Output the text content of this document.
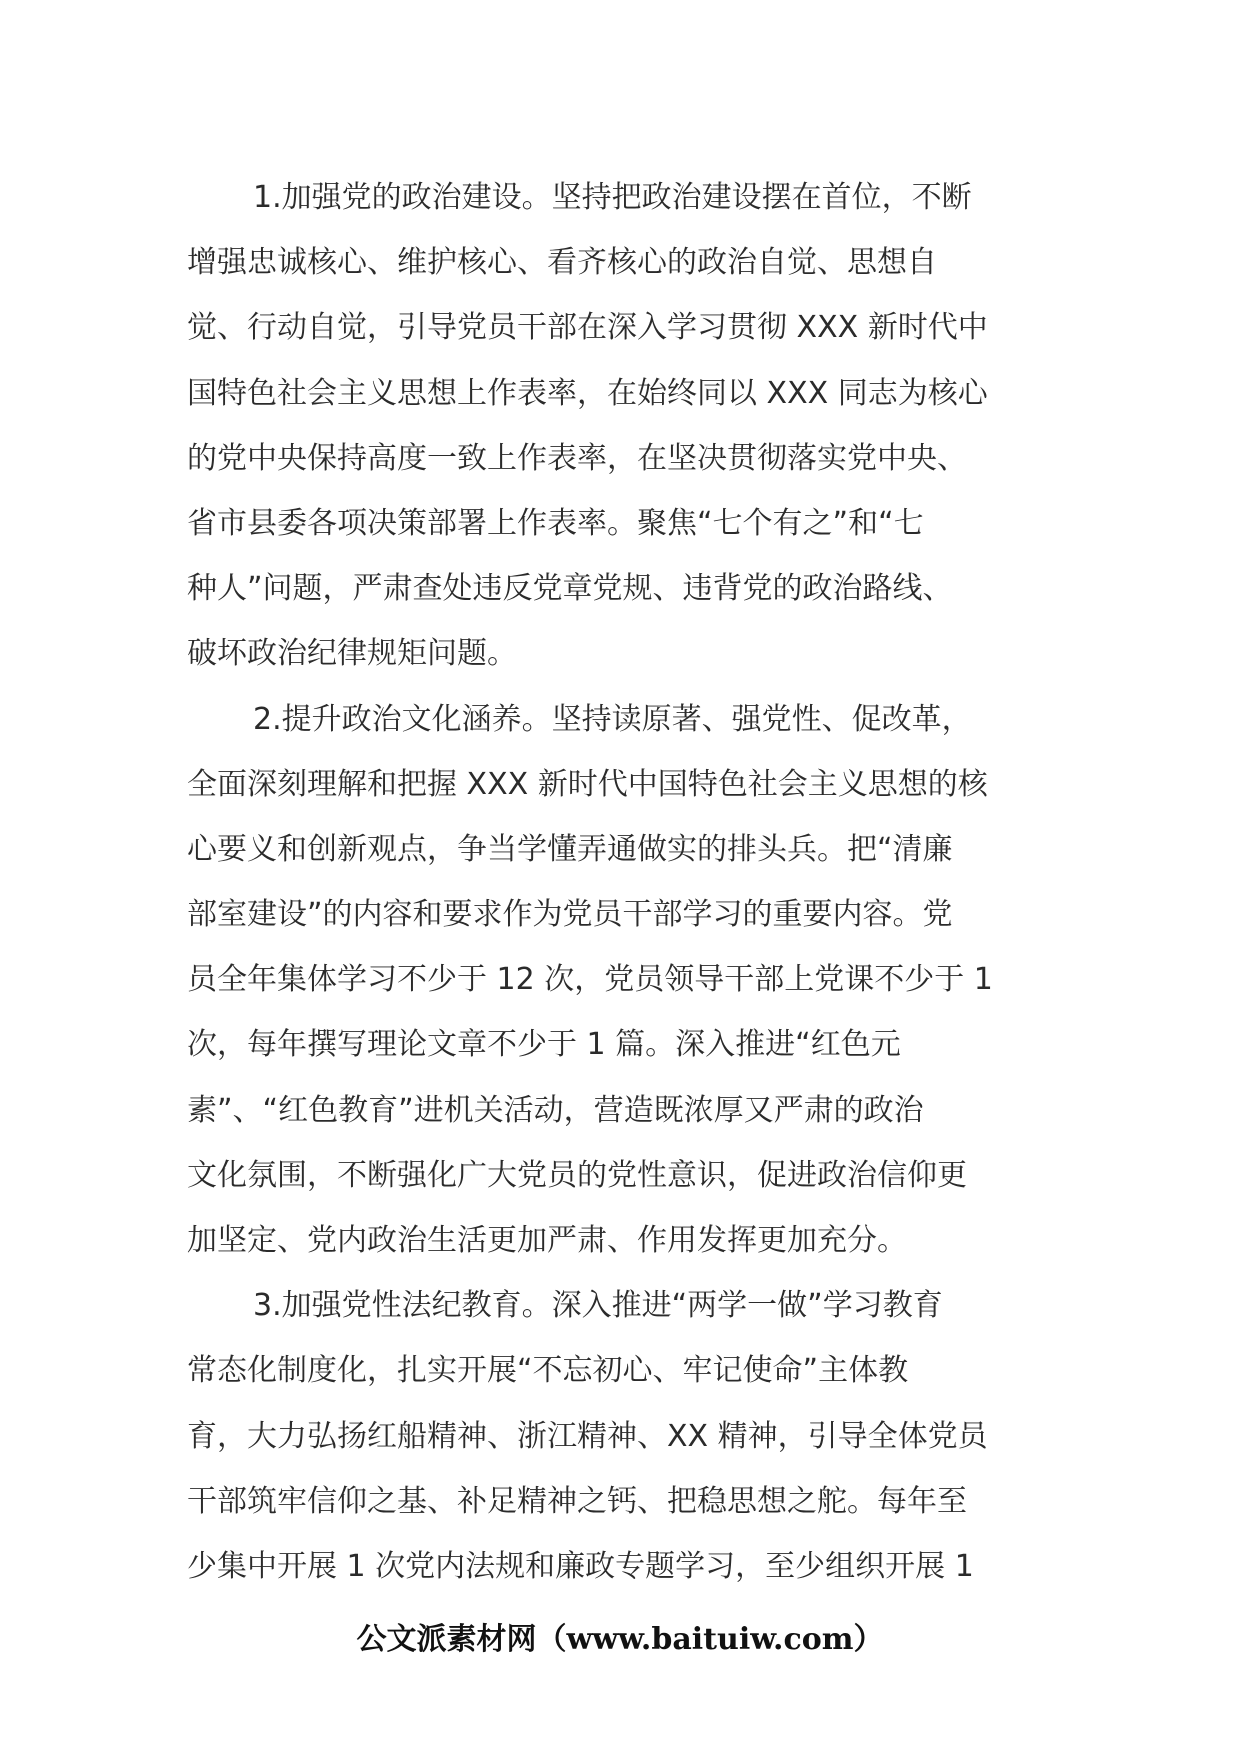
1.加强党的政治建设。坚持把政治建设摆在首位，不断
增强忠诚核心、维护核心、看齐核心的政治自觉、思想自
觉、行动自觉，引导党员干部在深入学习贯彻 XXX 新时代中
国特色社会主义思想上作表率，在始终同以 XXX 同志为核心
的党中央保持高度一致上作表率，在坚决贯彻落实党中央、
省市县委各项决策部署上作表率。聚焦“七个有之”和“七
种人”问题，严肃查处违反党章党规、违背党的政治路线、
破坏政治纪律规矩问题。
2.提升政治文化涵养。坚持读原著、强党性、促改革，
全面深刻理解和把握 XXX 新时代中国特色社会主义思想的核
心要义和创新观点，争当学懂弄通做实的排头兵。把“清廉
部室建设”的内容和要求作为党员干部学习的重要内容。党
员全年集体学习不少于 12 次，党员领导干部上党课不少于 1
次，每年撰写理论文章不少于 1 篇。深入推进“红色元
素”、“红色教育”进机关活动，营造既浓厚又严肃的政治
文化氛围，不断强化广大党员的党性意识，促进政治信仰更
加坚定、党内政治生活更加严肃、作用发挥更加充分。
3.加强党性法纪教育。深入推进“两学一做”学习教育
常态化制度化，扎实开展“不忘初心、牢记使命”主体教
育，大力弘扬红船精神、浙江精神、XX 精神，引导全体党员
干部筑牢信仰之基、补足精神之钙、把稳思想之舵。每年至
少集中开展 1 次党内法规和廉政专题学习，至少组织开展 1
公文派素材网（www.baituiw.com）
